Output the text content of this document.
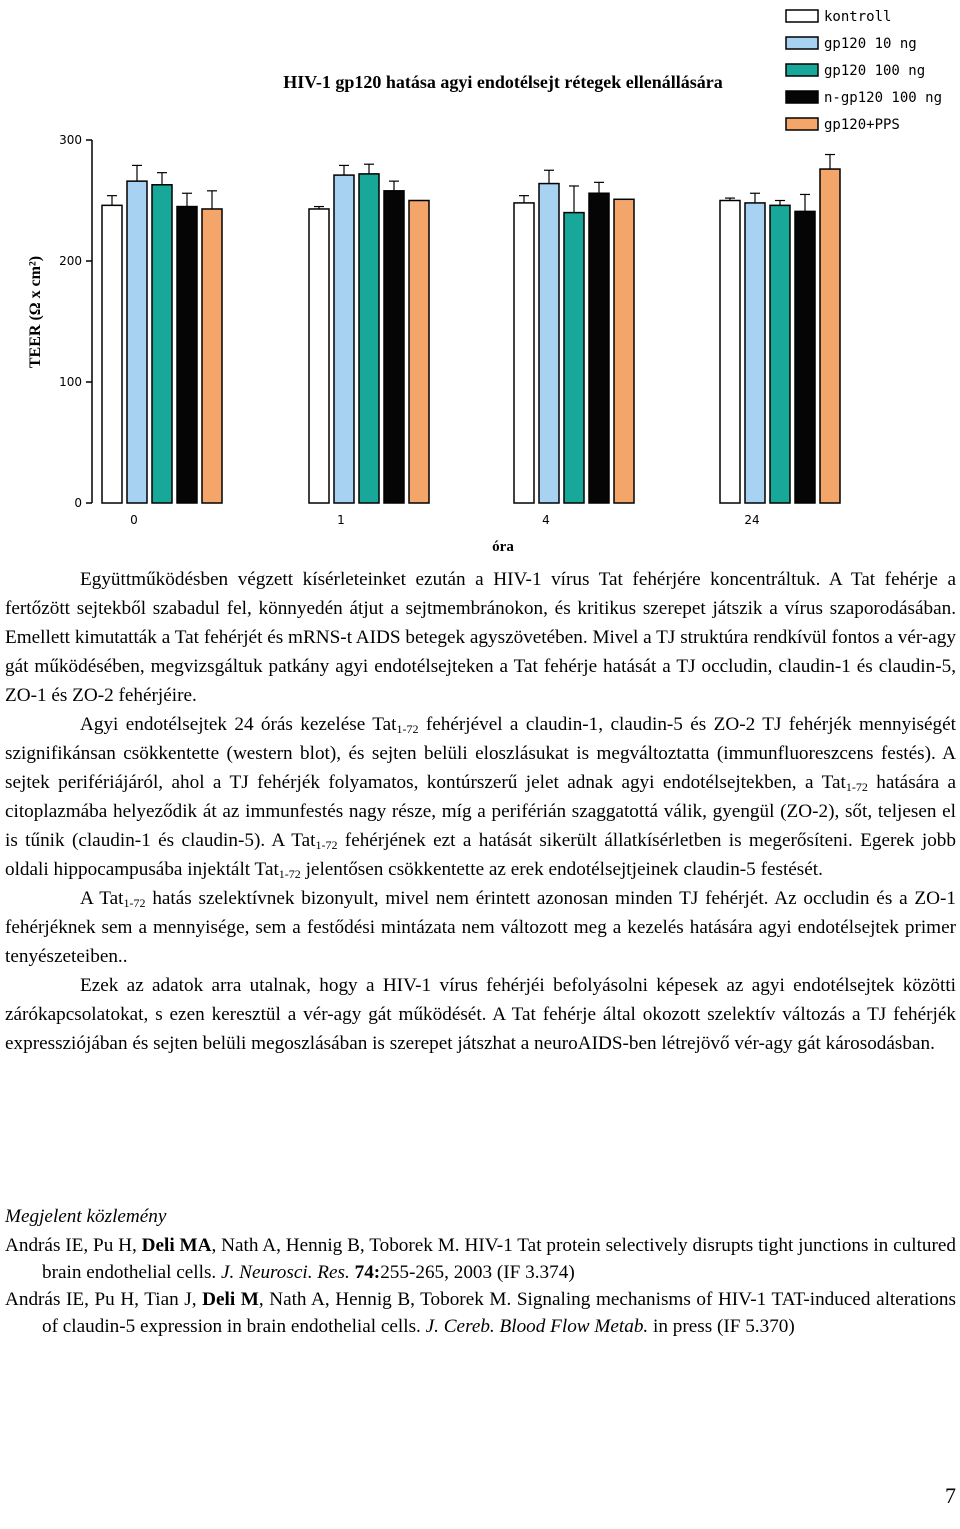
HIV-1 gp120 hatása agyi endotélsejt rétegek ellenállására
kontroll
gp120 10 ng
gp120 100 ng
n-gp120 100 ng
gp120+PPS
0
100
200
300
0	1	4	24
TEER (Ω x cm²)
óra

Együttműködésben végzett kísérleteinket ezután a HIV-1 vírus Tat fehérjére koncentráltuk. A Tat fehérje a fertőzött sejtekből szabadul fel, könnyedén átjut a sejtmembránokon, és kritikus szerepet játszik a vírus szaporodásában. Emellett kimutatták a Tat fehérjét és mRNS-t AIDS betegek agyszövetében. Mivel a TJ struktúra rendkívül fontos a vér-agy gát működésében, megvizsgáltuk patkány agyi endotélsejteken a Tat fehérje hatását a TJ occludin, claudin-1 és claudin-5, ZO-1 és ZO-2 fehérjéire.

Agyi endotélsejtek 24 órás kezelése Tat$_{1-72}$ fehérjével a claudin-1, claudin-5 és ZO-2 TJ fehérjék mennyiségét szignifikánsan csökkentette (western blot), és sejten belüli eloszlásukat is megváltoztatta (immunfluoreszcens festés). A sejtek perifériájáról, ahol a TJ fehérjék folyamatos, kontúrszerű jelet adnak agyi endotélsejtekben, a Tat$_{1-72}$ hatására a citoplazmába helyeződik át az immunfestés nagy része, míg a periférián szaggatottá válik, gyengül (ZO-2), sőt, teljesen el is tűnik (claudin-1 és claudin-5). A Tat$_{1-72}$ fehérjének ezt a hatását sikerült állatkísérletben is megerősíteni. Egerek jobb oldali hippocampusába injektált Tat$_{1-72}$ jelentősen csökkentette az erek endotélsejtjeinek claudin-5 festését.

A Tat$_{1-72}$ hatás szelektívnek bizonyult, mivel nem érintett azonosan minden TJ fehérjét. Az occludin és a ZO-1 fehérjéknek sem a mennyisége, sem a festődési mintázata nem változott meg a kezelés hatására agyi endotélsejtek primer tenyészeteiben..

Ezek az adatok arra utalnak, hogy a HIV-1 vírus fehérjéi befolyásolni képesek az agyi endotélsejtek közötti zárókapcsolatokat, s ezen keresztül a vér-agy gát működését. A Tat fehérje által okozott szelektív változás a TJ fehérjék expressziójában és sejten belüli megoszlásában is szerepet játszhat a neuroAIDS-ben létrejövő vér-agy gát károsodásban.

Megjelent közlemény
András IE, Pu H, Deli MA, Nath A, Hennig B, Toborek M. HIV-1 Tat protein selectively disrupts tight junctions in cultured brain endothelial cells. J. Neurosci. Res. 74:255-265, 2003 (IF 3.374)
András IE, Pu H, Tian J, Deli M, Nath A, Hennig B, Toborek M. Signaling mechanisms of HIV-1 TAT-induced alterations of claudin-5 expression in brain endothelial cells. J. Cereb. Blood Flow Metab. in press (IF 5.370)
7
